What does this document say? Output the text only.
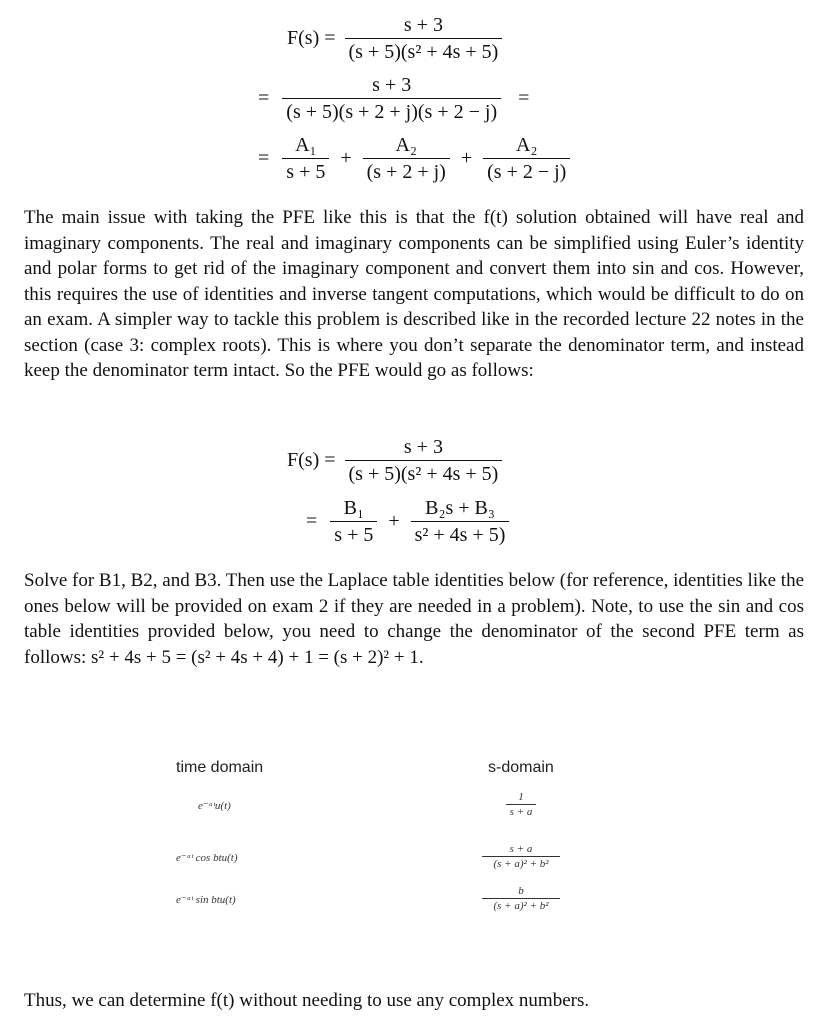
$F(s) = \frac{s + 3}{\text{(s + 5)(s² + 4s + 5)}}$
= $\frac{s + 3}{(s + 5)(s + 2 + j)(s + 2 - j)}$ =
= $\frac{\text{A₁}}{s + 5} + \frac{\text{A₂}}{(s + 2 + j)} + \frac{\text{A₂}}{(s + 2 - j)}$
The main issue with taking the PFE like this is that the f(t) solution obtained will have real and imaginary components. The real and imaginary components can be simplified using Euler’s identity and polar forms to get rid of the imaginary component and convert them into sin and cos. However, this requires the use of identities and inverse tangent computations, which would be difficult to do on an exam. A simpler way to tackle this problem is described like in the recorded lecture 22 notes in the section (case 3: complex roots). This is where you don’t separate the denominator term, and instead keep the denominator term intact. So the PFE would go as follows:
$F(s) = \frac{s + 3}{\text{(s + 5)(s² + 4s + 5)}}$
= $\frac{\text{B₁}}{s + 5} + \frac{\text{B₂s + B₃}}{\text{s² + 4s + 5)}}$
Solve for B1, B2, and B3. Then use the Laplace table identities below (for reference, identities like the ones below will be provided on exam 2 if they are needed in a problem). Note, to use the sin and cos table identities provided below, you need to change the denominator of the second PFE term as follows: s² + 4s + 5 = (s² + 4s + 4) + 1 = (s + 2)² + 1.
time domain	s-domain
e⁻ᵃᵗu(t)	$\frac{1}{s + a}$
e⁻ᵃᵗ cos btu(t)	$\frac{s + a}{\text{(s + a)² + b²}}$
e⁻ᵃᵗ sin btu(t)	$\frac{b}{\text{(s + a)² + b²}}$
Thus, we can determine f(t) without needing to use any complex numbers.
